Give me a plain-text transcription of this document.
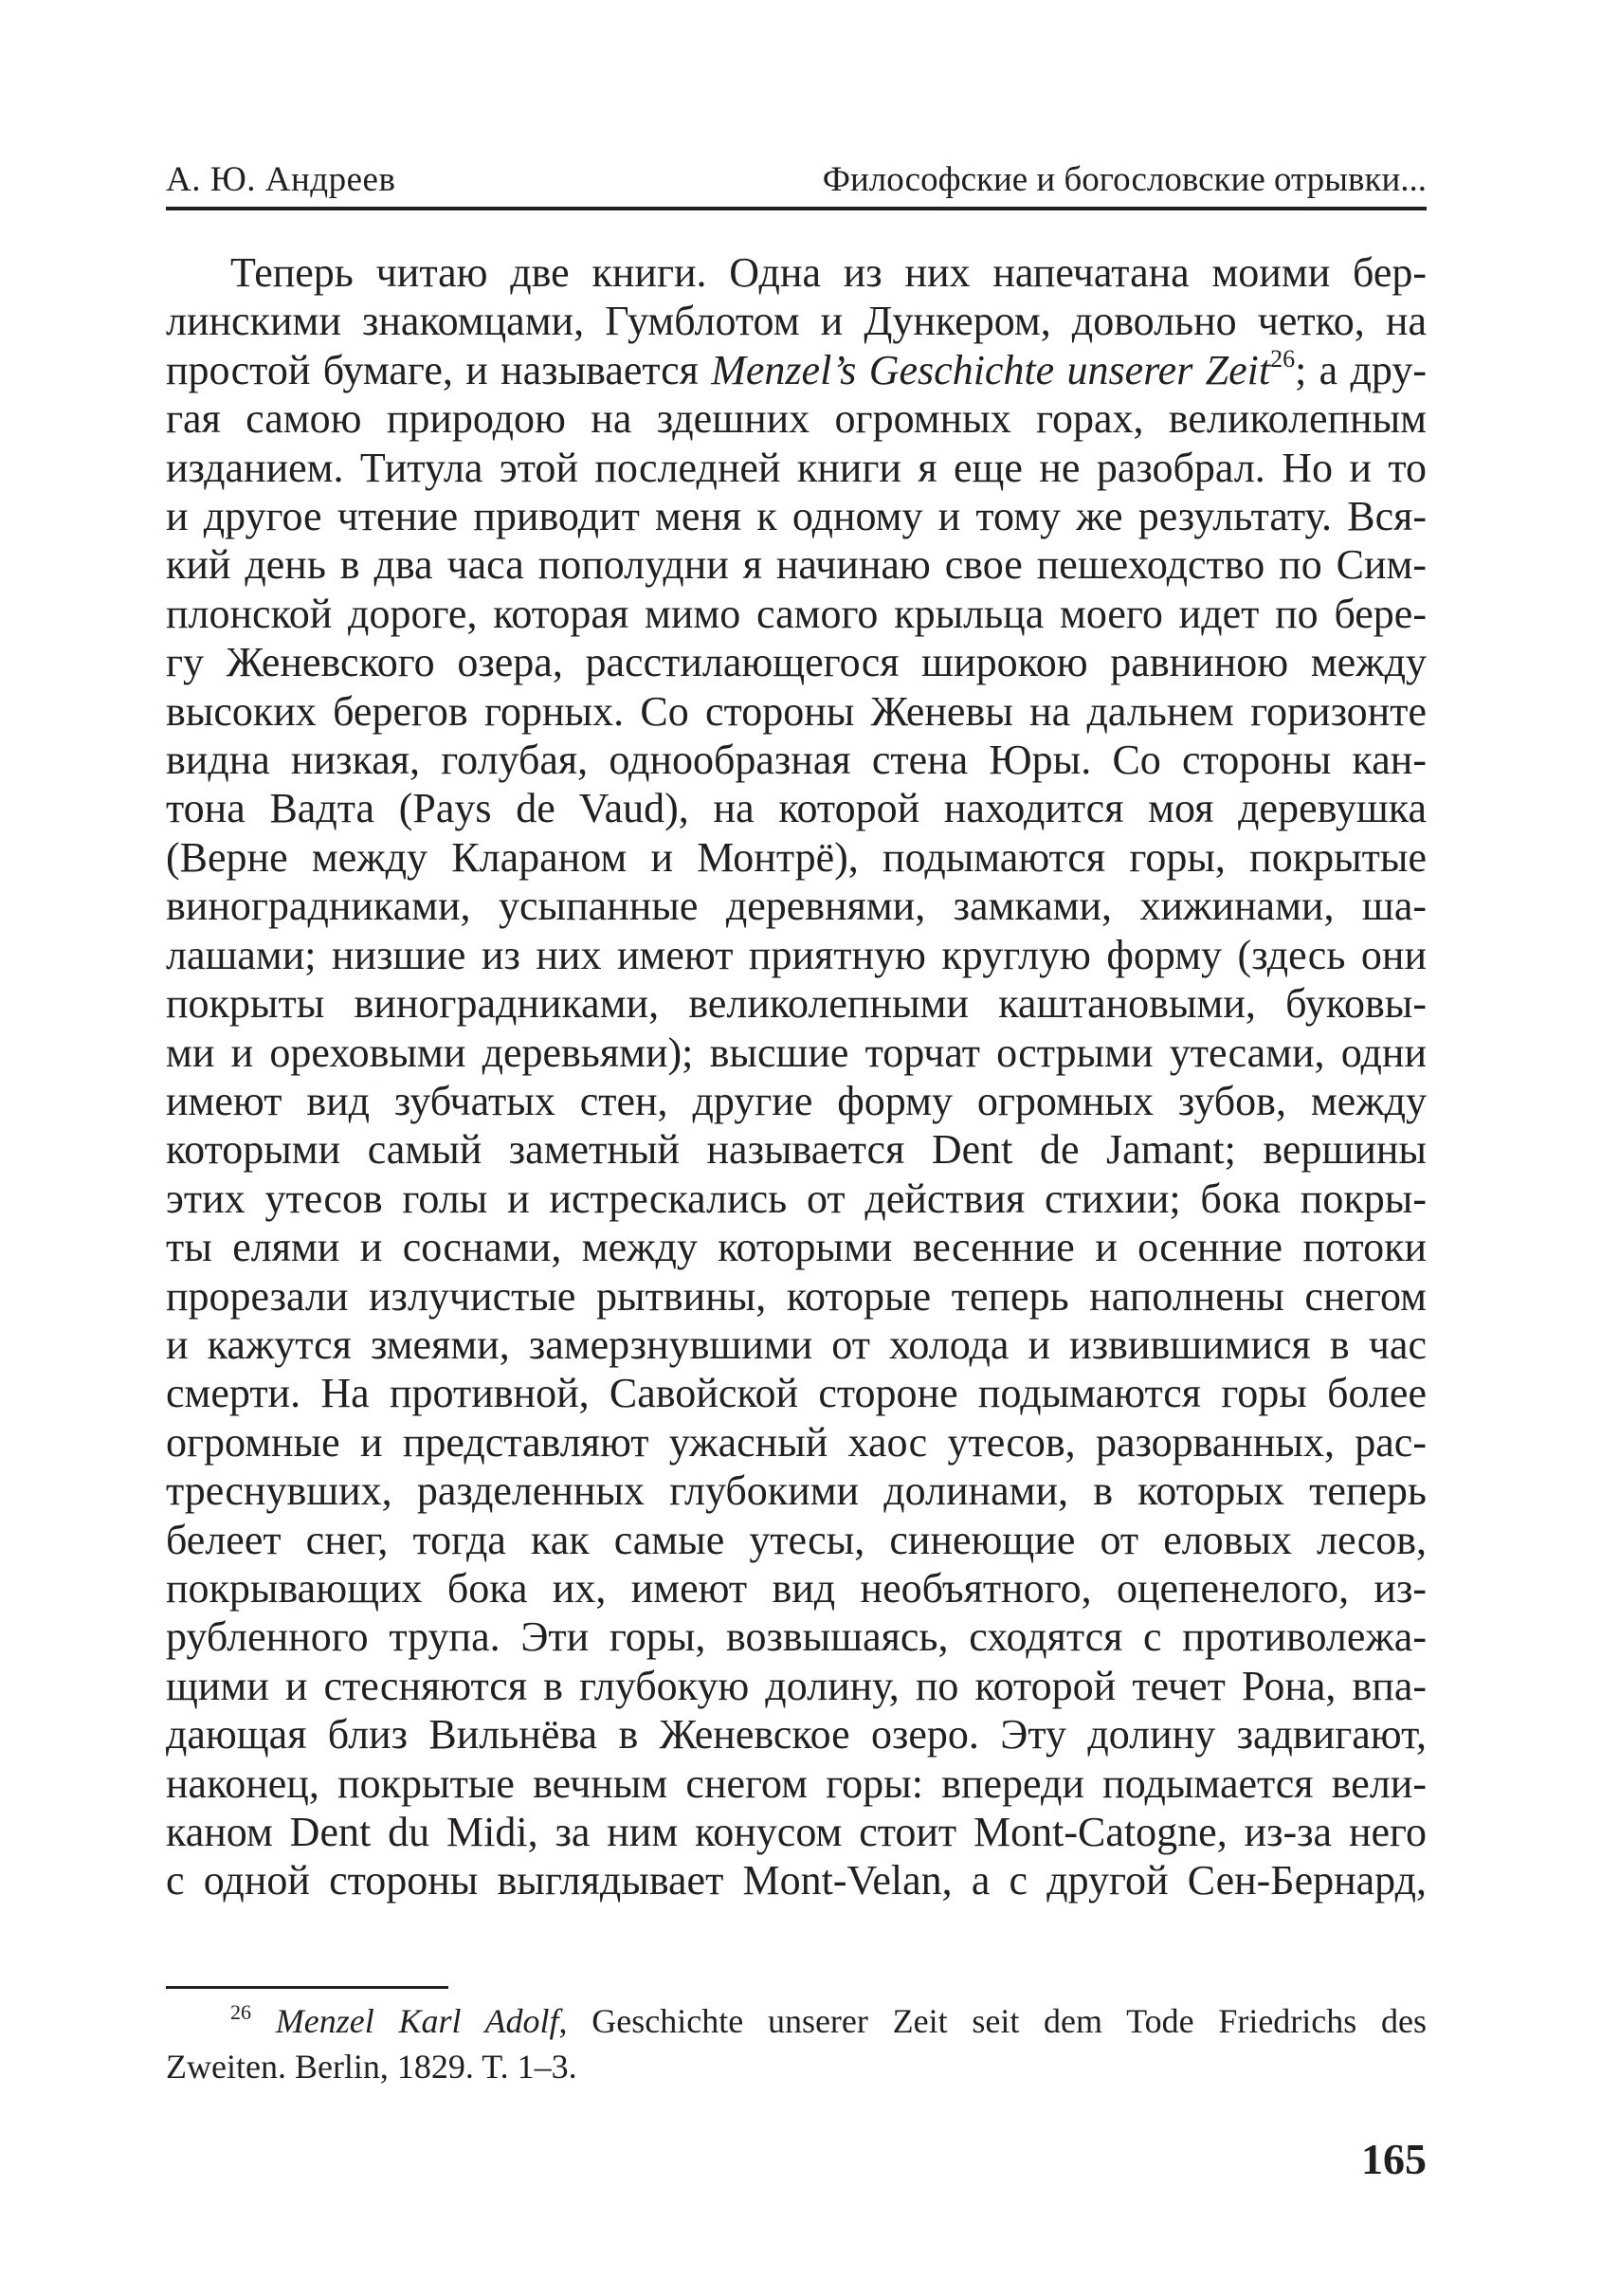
А. Ю. Андреев	Философские и богословские отрывки...
Теперь читаю две книги. Одна из них напечатана моими бер-
линскими знакомцами, Гумблотом и Дункером, довольно четко, на
простой бумаге, и называется Menzel’s Geschichte unserer Zeit$^{26}$; а дру-
гая самою природою на здешних огромных горах, великолепным
изданием. Титула этой последней книги я еще не разобрал. Но и то
и другое чтение приводит меня к одному и тому же результату. Вся-
кий день в два часа пополудни я начинаю свое пешеходство по Сим-
плонской дороге, которая мимо самого крыльца моего идет по бере-
гу Женевского озера, расстилающегося широкою равниною между
высоких берегов горных. Со стороны Женевы на дальнем горизонте
видна низкая, голубая, однообразная стена Юры. Со стороны кан-
тона Вадта (Pays de Vaud), на которой находится моя деревушка
(Верне между Клараном и Монтрё), подымаются горы, покрытые
виноградниками, усыпанные деревнями, замками, хижинами, ша-
лашами; низшие из них имеют приятную круглую форму (здесь они
покрыты виноградниками, великолепными каштановыми, буковы-
ми и ореховыми деревьями); высшие торчат острыми утесами, одни
имеют вид зубчатых стен, другие форму огромных зубов, между
которыми самый заметный называется Dent de Jamant; вершины
этих утесов голы и истрескались от действия стихии; бока покры-
ты елями и соснами, между которыми весенние и осенние потоки
прорезали излучистые рытвины, которые теперь наполнены снегом
и кажутся змеями, замерзнувшими от холода и извившимися в час
смерти. На противной, Савойской стороне подымаются горы более
огромные и представляют ужасный хаос утесов, разорванных, рас-
треснувших, разделенных глубокими долинами, в которых теперь
белеет снег, тогда как самые утесы, синеющие от еловых лесов,
покрывающих бока их, имеют вид необъятного, оцепенелого, из-
рубленного трупа. Эти горы, возвышаясь, сходятся с противолежа-
щими и стесняются в глубокую долину, по которой течет Рона, впа-
дающая близ Вильнёва в Женевское озеро. Эту долину задвигают,
наконец, покрытые вечным снегом горы: впереди подымается вели-
каном Dent du Midi, за ним конусом стоит Mont-Catogne, из-за него
с одной стороны выглядывает Mont-Velan, а с другой Сен-Бернард,
$^{26}$ Menzel Karl Adolf, Geschichte unserer Zeit seit dem Tode Friedrichs des
Zweiten. Berlin, 1829. T. 1–3.
165
